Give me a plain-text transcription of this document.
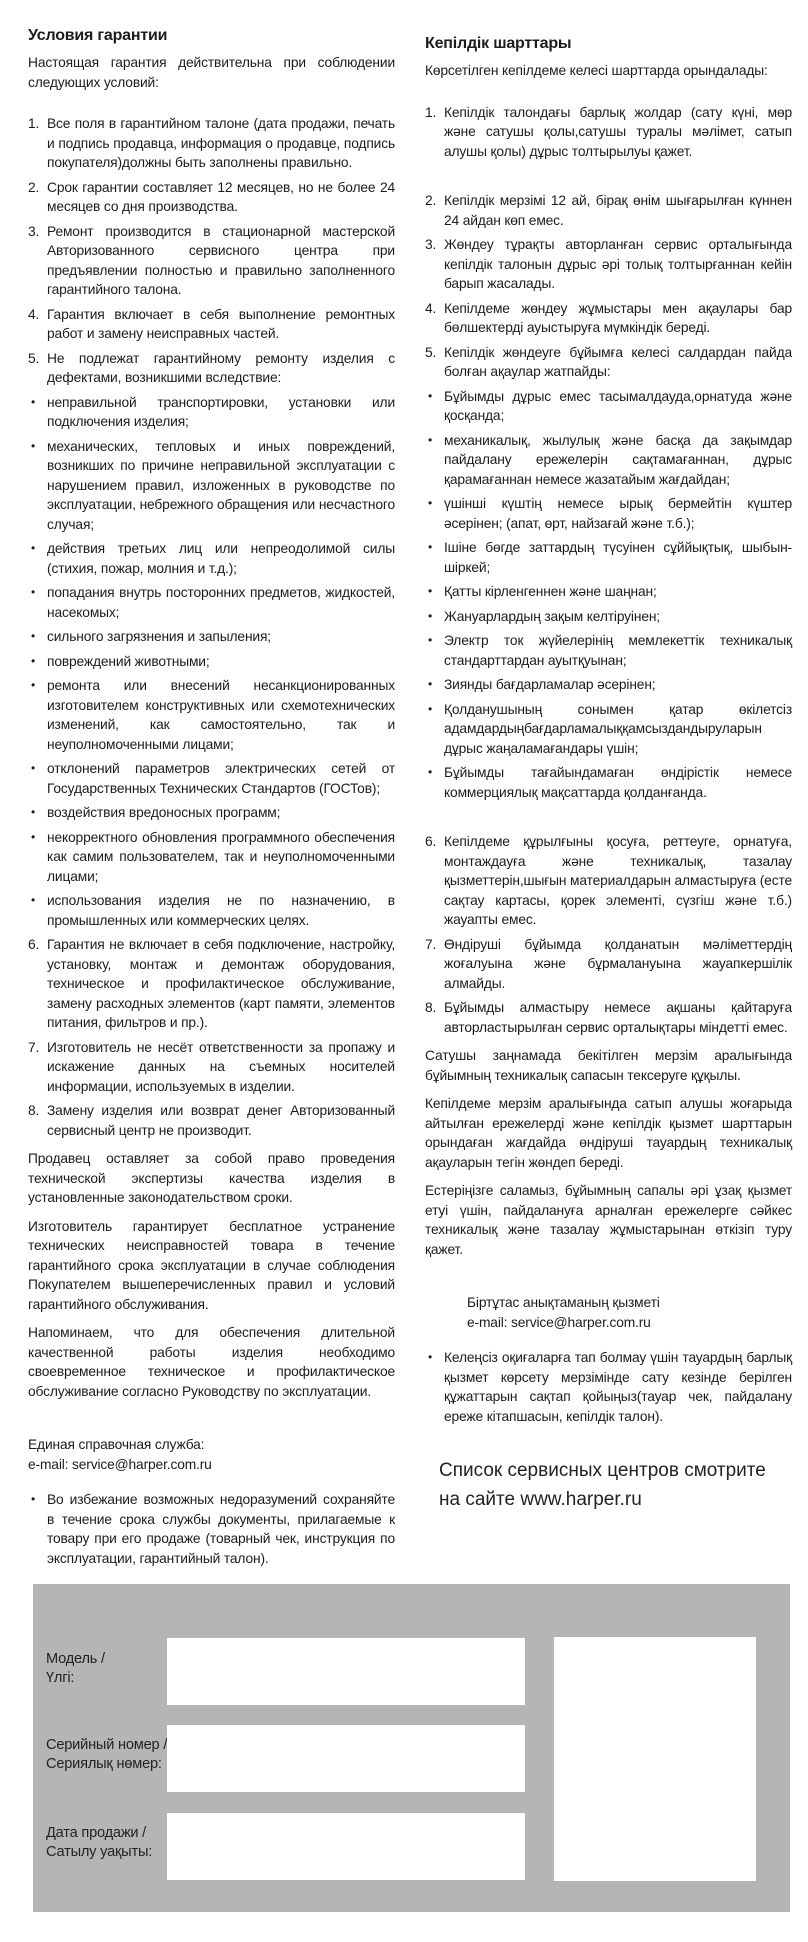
Условия гарантии

Настоящая гарантия действительна при соблюдении следующих условий:

1. Все поля в гарантийном талоне (дата продажи, печать и подпись продавца, информация о продавце, подпись покупателя)должны быть заполнены правильно.
2. Срок гарантии составляет 12 месяцев, но не более 24 месяцев со дня производства.
3. Ремонт производится в стационарной мастерской Авторизованного сервисного центра при предъявлении полностью и правильно заполненного гарантийного талона.
4. Гарантия включает в себя выполнение ремонтных работ и замену неисправных частей.
5. Не подлежат гарантийному ремонту изделия с дефектами, возникшими вследствие:
• неправильной транспортировки, установки или подключения изделия;
• механических, тепловых и иных повреждений, возникших по причине неправильной эксплуатации с нарушением правил, изложенных в руководстве по эксплуатации, небрежного обращения или несчастного случая;
• действия третьих лиц или непреодолимой силы (стихия, пожар, молния и т.д.);
• попадания внутрь посторонних предметов, жидкостей, насекомых;
• сильного загрязнения и запыления;
• повреждений животными;
• ремонта или внесений несанкционированных изготовителем конструктивных или схемотехнических изменений, как самостоятельно, так и неуполномоченными лицами;
• отклонений параметров электрических сетей от Государственных Технических Стандартов (ГОСТов);
• воздействия вредоносных программ;
• некорректного обновления программного обеспечения как самим пользователем, так и неуполномоченными лицами;
• использования изделия не по назначению, в промышленных или коммерческих целях.
6. Гарантия не включает в себя подключение, настройку, установку, монтаж и демонтаж оборудования, техническое и профилактическое обслуживание, замену расходных элементов (карт памяти, элементов питания, фильтров и пр.).
7. Изготовитель не несёт ответственности за пропажу и искажение данных на съемных носителей информации, используемых в изделии.
8. Замену изделия или возврат денег Авторизованный сервисный центр не производит.
Продавец оставляет за собой право проведения технической экспертизы качества изделия в установленные законодательством сроки.
Изготовитель гарантирует бесплатное устранение технических неисправностей товара в течение гарантийного срока эксплуатации в случае соблюдения Покупателем вышеперечисленных правил и условий гарантийного обслуживания.
Напоминаем, что для обеспечения длительной качественной работы изделия необходимо своевременное техническое и профилактическое обслуживание согласно Руководству по эксплуатации.

Единая справочная служба:
e-mail: service@harper.com.ru

• Во избежание возможных недоразумений сохраняйте в течение срока службы документы, прилагаемые к товару при его продаже (товарный чек, инструкция по эксплуатации, гарантийный талон).
Кепілдік шарттары

Көрсетілген кепілдеме келесі шарттарда орындалады:

1. Кепілдік талондағы барлық жолдар (сату күні, мөр және сатушы қолы,сатушы туралы мәлімет, сатып алушы қолы) дұрыс толтырылуы қажет.
2. Кепілдік мерзімі 12 ай, бірақ өнім шығарылған күннен 24 айдан көп емес.
3. Жөндеу тұрақты авторланған сервис орталығында кепілдік талонын дұрыс әрі толық толтырғаннан кейін барып жасалады.
4. Кепілдеме жөндеу жұмыстары мен ақаулары бар бөлшектерді ауыстыруға мүмкіндік береді.
5. Кепілдік жөндеуге бұйымға келесі салдардан пайда болған ақаулар жатпайды:
• Бұйымды дұрыс емес тасымалдауда,орнатуда және қосқанда;
• механикалық, жылулық және басқа да зақымдар пайдалану ережелерін сақтамағаннан, дұрыс қарамағаннан немесе жазатайым жағдайдан;
• үшінші күштің немесе ырық бермейтін күштер әсерінен; (апат, өрт, найзағай және т.б.);
• Ішіне бөгде заттардың түсуінен сұййықтық, шыбын-шіркей;
• Қатты кірленгеннен және шаңнан;
• Жануарлардың зақым келтіруінен;
• Электр ток жүйелерінің мемлекеттік техникалық стандарттардан ауытқуынан;
• Зиянды бағдарламалар әсерінен;
• Қолданушының сонымен қатар өкілетсіз адамдардыңбағдарламалыққамсыздандыруларын дұрыс жаңаламағандары үшін;
• Бұйымды тағайындамаған өндірістік немесе коммерциялық мақсаттарда қолданғанда.
6. Кепілдеме құрылғыны қосуға, реттеуге, орнатуға, монтаждауға және техникалық, тазалау қызметтерін,шығын материалдарын алмастыруға (есте сақтау картасы, қорек элементі, сүзгіш және т.б.) жауапты емес.
7. Өндіруші бұйымда қолданатын мәліметтердің жоғалуына және бұрмалануына жауапкершілік алмайды.
8. Бұйымды алмастыру немесе ақшаны қайтаруға авторластырылған сервис орталықтары міндетті емес.
Сатушы заңнамада бекітілген мерзім аралығында бұйымның техникалық сапасын тексеруге құқылы.
Кепілдеме мерзім аралығында сатып алушы жоғарыда айтылған ережелерді және кепілдік қызмет шарттарын орындаған жағдайда өндіруші тауардың техникалық ақауларын тегін жөндеп береді.
Естеріңізге саламыз, бұйымның сапалы әрі ұзақ қызмет етуі үшін, пайдалануға арналған ережелерге сәйкес техникалық және тазалау жұмыстарынан өткізіп туру қажет.

Біртұтас анықтаманың қызметі
e-mail: service@harper.com.ru

• Келеңсіз оқиғаларға тап болмау үшін тауардың барлық қызмет көрсету мерзімінде сату кезінде берілген құжаттарын сақтап қойыңыз(тауар чек, пайдалану ереже кітапшасын, кепілдік талон).

Список сервисных центров смотрите на сайте www.harper.ru

Модель /
Үлгі:
Серийный номер /
Сериялық нөмер:
Дата продажи /
Сатылу уақыты:
